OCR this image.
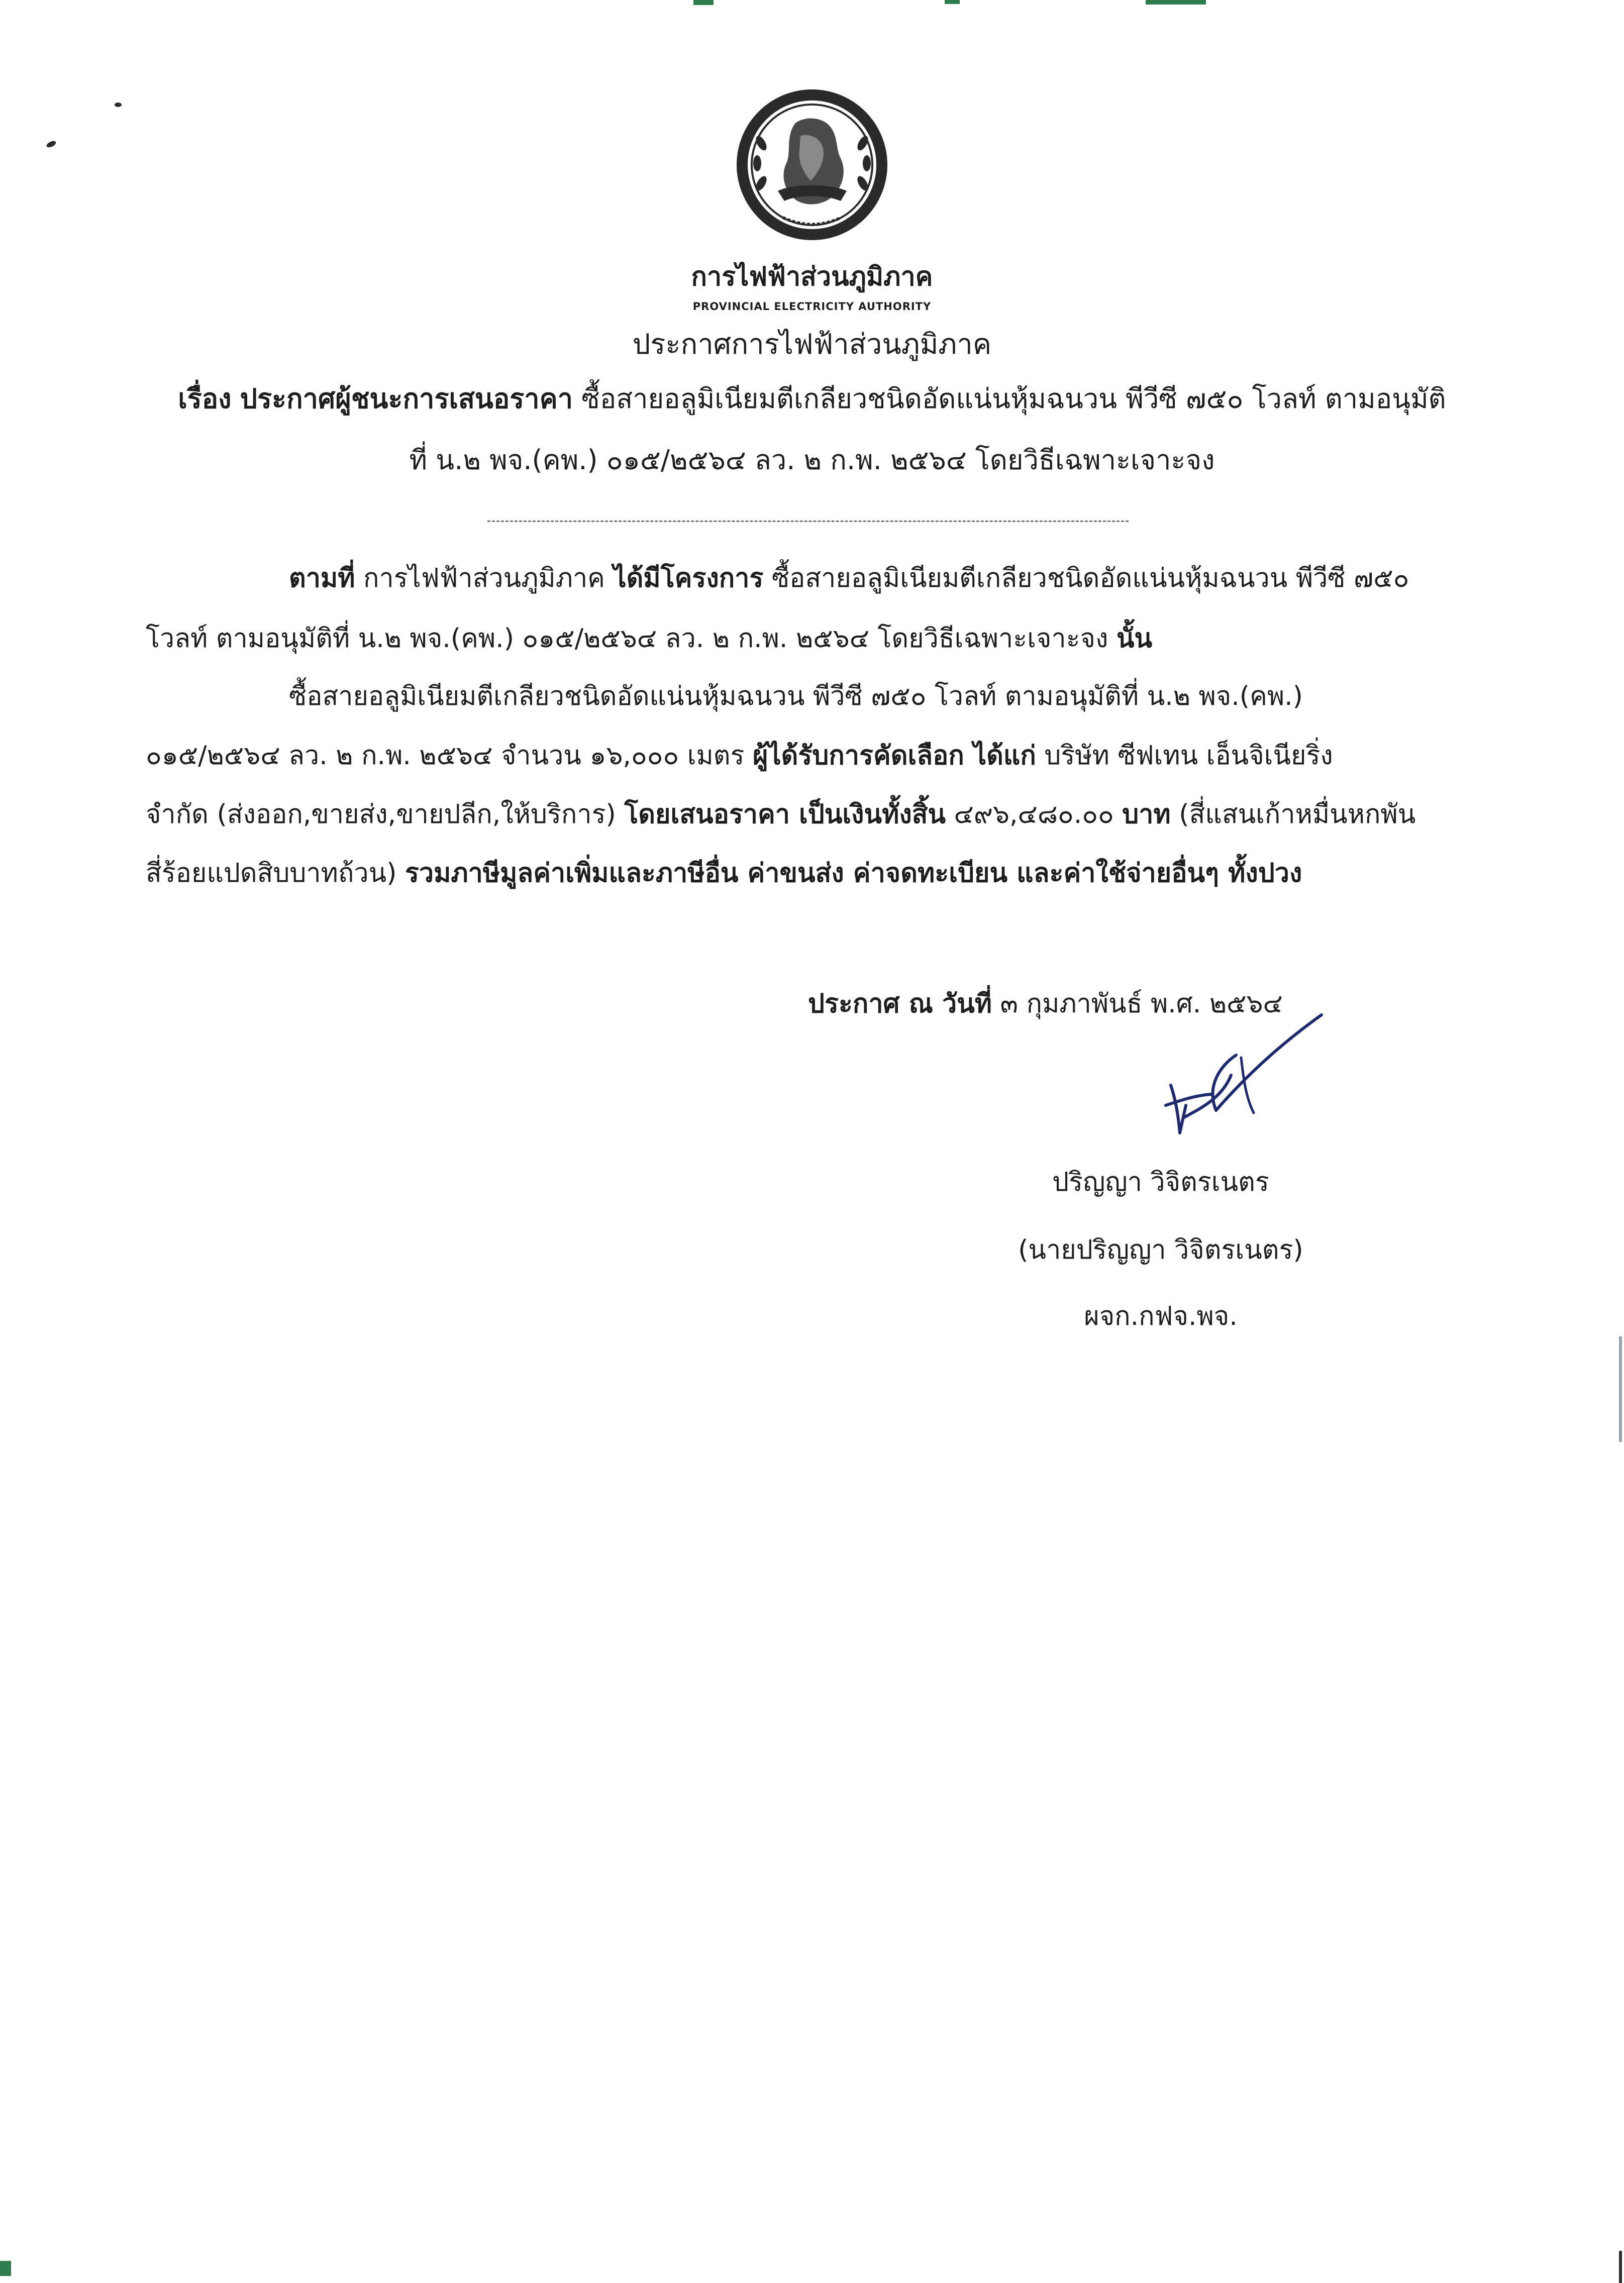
การไฟฟ้าส่วนภูมิภาค
PROVINCIAL ELECTRICITY AUTHORITY
ประกาศการไฟฟ้าส่วนภูมิภาค
เรื่อง ประกาศผู้ชนะการเสนอราคา ซื้อสายอลูมิเนียมตีเกลียวชนิดอัดแน่นหุ้มฉนวน พีวีซี ๗๕๐ โวลท์ ตามอนุมัติ
ที่ น.๒ พจ.(คพ.) ๐๑๕/๒๕๖๔ ลว. ๒ ก.พ. ๒๕๖๔ โดยวิธีเฉพาะเจาะจง
ตามที่ การไฟฟ้าส่วนภูมิภาค ได้มีโครงการ ซื้อสายอลูมิเนียมตีเกลียวชนิดอัดแน่นหุ้มฉนวน พีวีซี ๗๕๐
โวลท์ ตามอนุมัติที่ น.๒ พจ.(คพ.) ๐๑๕/๒๕๖๔ ลว. ๒ ก.พ. ๒๕๖๔ โดยวิธีเฉพาะเจาะจง นั้น
ซื้อสายอลูมิเนียมตีเกลียวชนิดอัดแน่นหุ้มฉนวน พีวีซี ๗๕๐ โวลท์ ตามอนุมัติที่ น.๒ พจ.(คพ.)
๐๑๕/๒๕๖๔ ลว. ๒ ก.พ. ๒๕๖๔ จำนวน ๑๖,๐๐๐ เมตร ผู้ได้รับการคัดเลือก ได้แก่ บริษัท ซีฟเทน เอ็นจิเนียริ่ง
จำกัด (ส่งออก,ขายส่ง,ขายปลีก,ให้บริการ) โดยเสนอราคา เป็นเงินทั้งสิ้น ๔๙๖,๔๘๐.๐๐ บาท (สี่แสนเก้าหมื่นหกพัน
สี่ร้อยแปดสิบบาทถ้วน) รวมภาษีมูลค่าเพิ่มและภาษีอื่น ค่าขนส่ง ค่าจดทะเบียน และค่าใช้จ่ายอื่นๆ ทั้งปวง
ประกาศ ณ วันที่ ๓ กุมภาพันธ์ พ.ศ. ๒๕๖๔
ปริญญา วิจิตรเนตร
(นายปริญญา วิจิตรเนตร)
ผจก.กฟจ.พจ.
